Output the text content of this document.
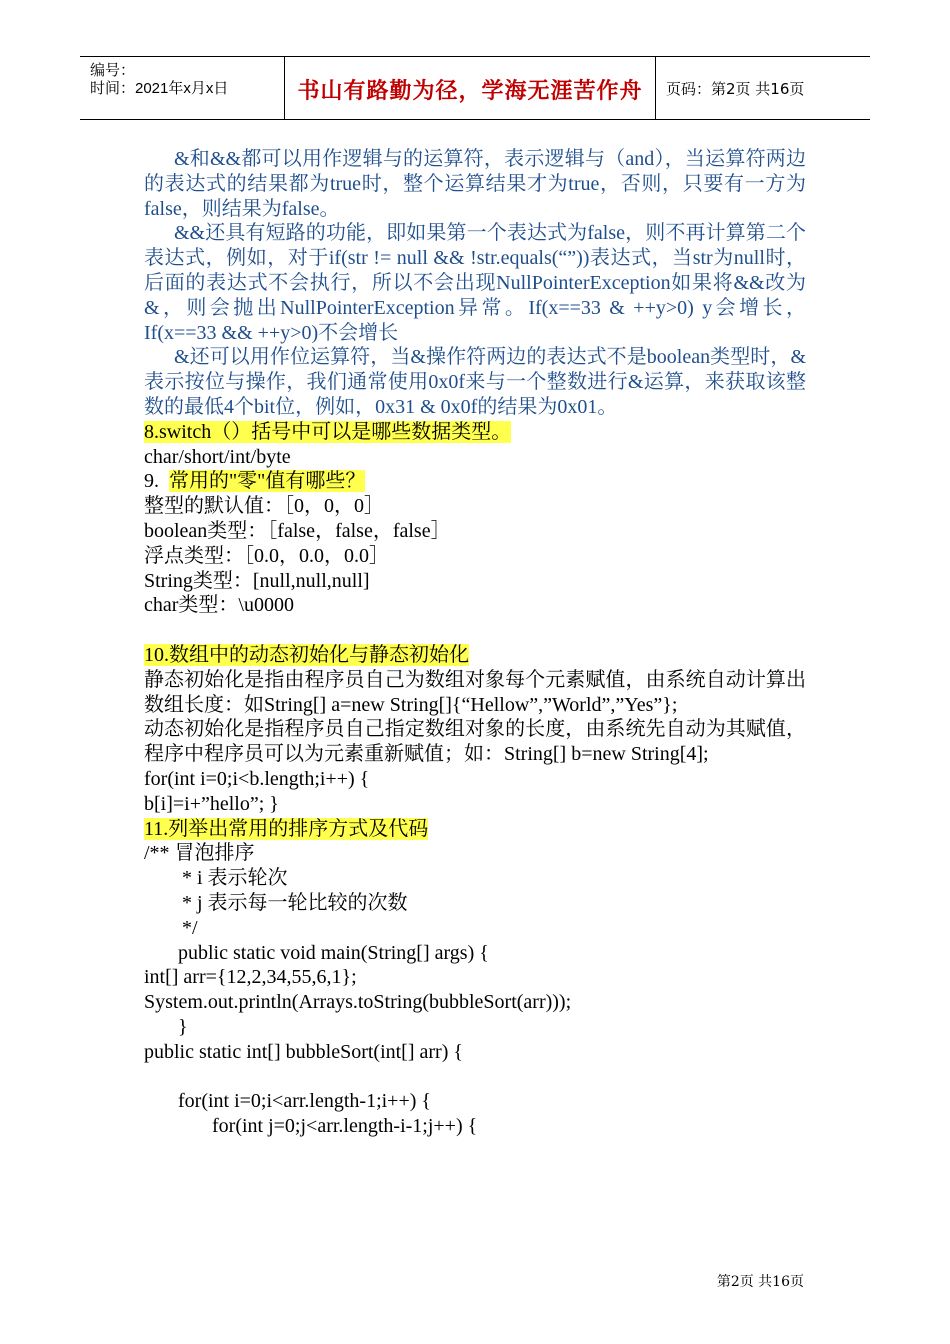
编号：
时间：2021年x月x日	书山有路勤为径，学海无涯苦作舟	页码：第2页 共16页

&和&&都可以用作逻辑与的运算符，表示逻辑与（and），当运算符两边的表达式的结果都为true时，整个运算结果才为true，否则，只要有一方为false，则结果为false。

&&还具有短路的功能，即如果第一个表达式为false，则不再计算第二个表达式，例如，对于if(str != null && !str.equals(“”))表达式，当str为null时，后面的表达式不会执行，所以不会出现NullPointerException如果将&&改为&，则会抛出NullPointerException异常。If(x==33 & ++y>0) y会增长，If(x==33 && ++y>0)不会增长

&还可以用作位运算符，当&操作符两边的表达式不是boolean类型时，&表示按位与操作，我们通常使用0x0f来与一个整数进行&运算，来获取该整数的最低4个bit位，例如，0x31 & 0x0f的结果为0x01。

8.switch（）括号中可以是哪些数据类型。

char/short/int/byte

9. 常用的"零"值有哪些？

整型的默认值：［0，0，0］

boolean类型：［false，false，false］

浮点类型：［0.0，0.0，0.0］

String类型：[null,null,null]

char类型：\u0000

10.数组中的动态初始化与静态初始化

静态初始化是指由程序员自己为数组对象每个元素赋值，由系统自动计算出数组长度：如String[] a=new String[]{“Hellow”,”World”,”Yes”};

动态初始化是指程序员自己指定数组对象的长度，由系统先自动为其赋值，程序中程序员可以为元素重新赋值；如：String[] b=new String[4];

for(int i=0;i<b.length;i++) {

b[i]=i+”hello”; }

11.列举出常用的排序方式及代码

/** 冒泡排序

* i 表示轮次

* j 表示每一轮比较的次数

*/

public static void main(String[] args) {

int[] arr={12,2,34,55,6,1};

System.out.println(Arrays.toString(bubbleSort(arr)));

}

public static int[] bubbleSort(int[] arr) {

for(int i=0;i<arr.length-1;i++) {

for(int j=0;j<arr.length-i-1;j++) {

第2页 共16页
